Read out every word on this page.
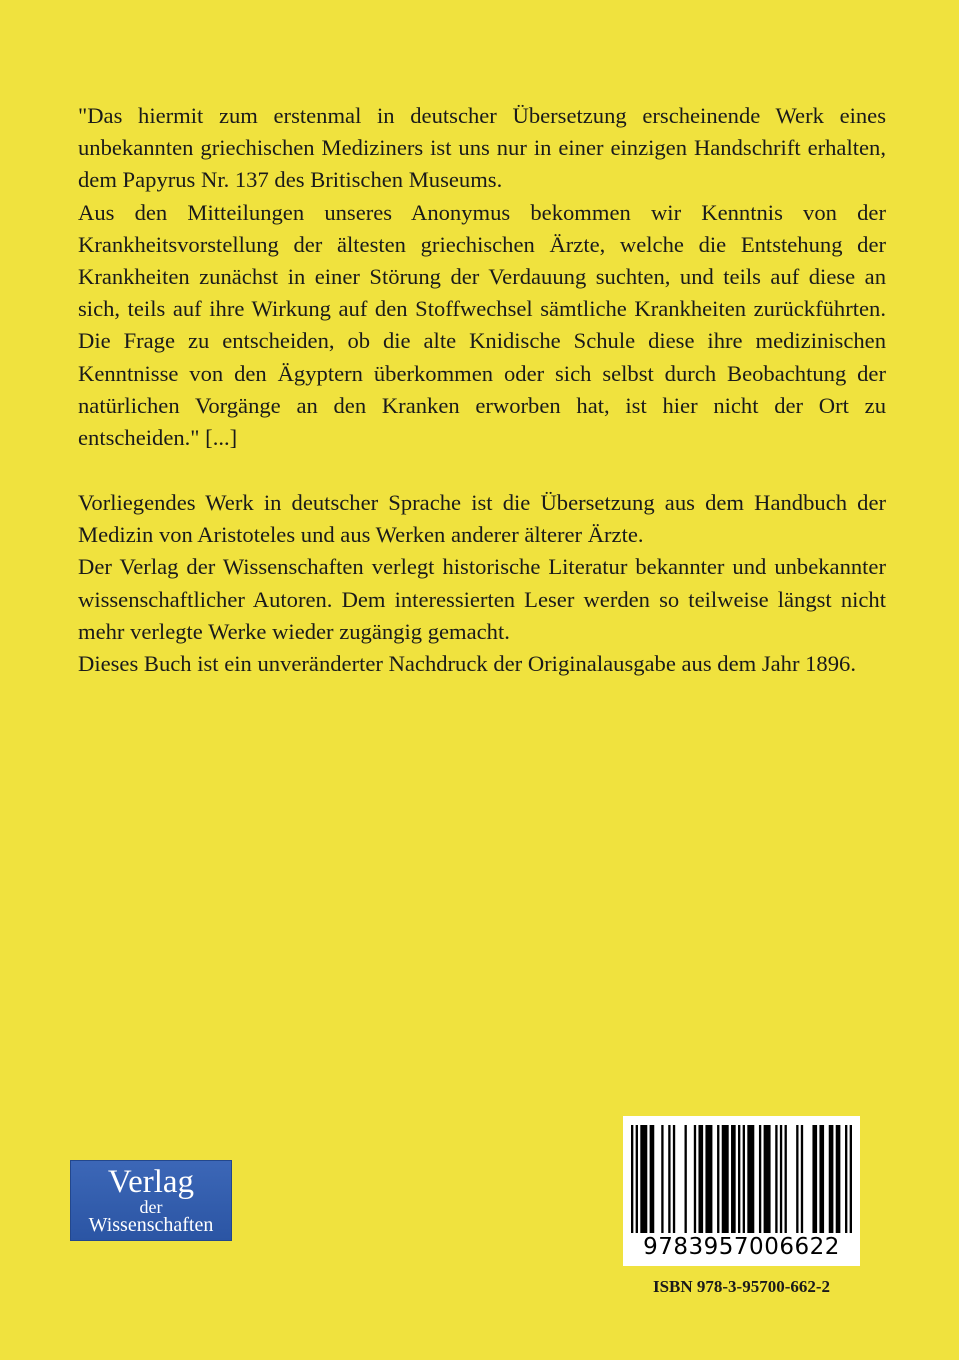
"Das hiermit zum erstenmal in deutscher Übersetzung erscheinende Werk eines unbekannten griechischen Mediziners ist uns nur in einer einzigen Handschrift erhalten, dem Papyrus Nr. 137 des Britischen Museums.

Aus den Mitteilungen unseres Anonymus bekommen wir Kenntnis von der Krankheitsvorstellung der ältesten griechischen Ärzte, welche die Entstehung der Krankheiten zunächst in einer Störung der Verdauung suchten, und teils auf diese an sich, teils auf ihre Wirkung auf den Stoffwechsel sämtliche Krankheiten zurückführten. Die Frage zu entscheiden, ob die alte Knidische Schule diese ihre medizinischen Kenntnisse von den Ägyptern überkommen oder sich selbst durch Beobachtung der natürlichen Vorgänge an den Kranken erworben hat, ist hier nicht der Ort zu entscheiden." [...]

Vorliegendes Werk in deutscher Sprache ist die Übersetzung aus dem Handbuch der Medizin von Aristoteles und aus Werken anderer älterer Ärzte.

Der Verlag der Wissenschaften verlegt historische Literatur bekannter und unbekannter wissenschaftlicher Autoren. Dem interessierten Leser werden so teilweise längst nicht mehr verlegte Werke wieder zugängig gemacht.

Dieses Buch ist ein unveränderter Nachdruck der Originalausgabe aus dem Jahr 1896.

Verlag
der
Wissenschaften
9783957006622
ISBN 978-3-95700-662-2
